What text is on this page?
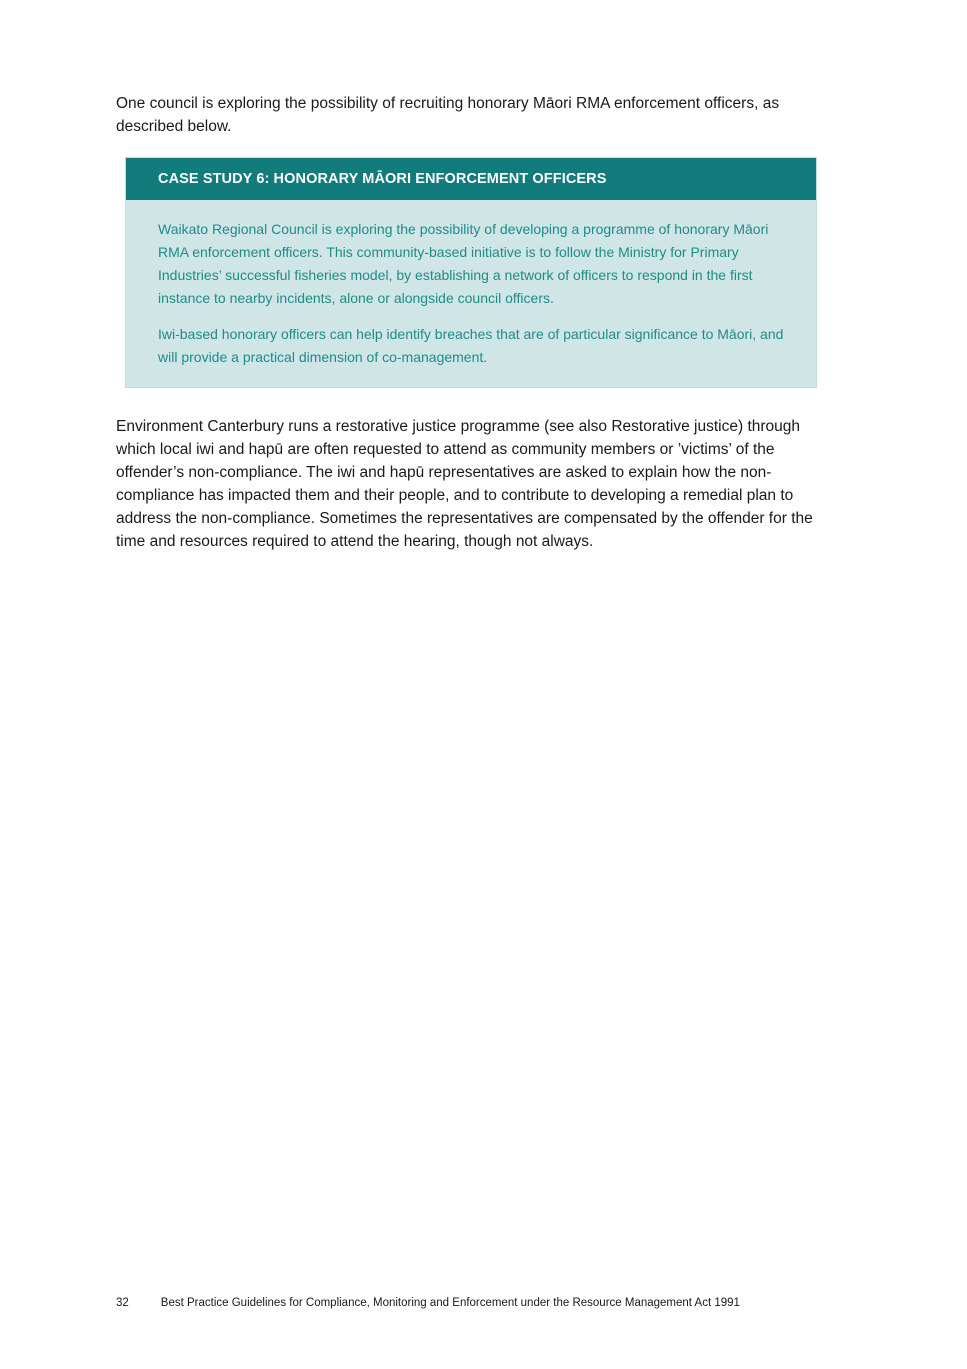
One council is exploring the possibility of recruiting honorary Māori RMA enforcement officers, as described below.

CASE STUDY 6: HONORARY MĀORI ENFORCEMENT OFFICERS

Waikato Regional Council is exploring the possibility of developing a programme of honorary Māori RMA enforcement officers. This community-based initiative is to follow the Ministry for Primary Industries’ successful fisheries model, by establishing a network of officers to respond in the first instance to nearby incidents, alone or alongside council officers.

Iwi-based honorary officers can help identify breaches that are of particular significance to Māori, and will provide a practical dimension of co-management.

Environment Canterbury runs a restorative justice programme (see also Restorative justice) through which local iwi and hapū are often requested to attend as community members or ’victims’ of the offender’s non-compliance. The iwi and hapū representatives are asked to explain how the non-compliance has impacted them and their people, and to contribute to developing a remedial plan to address the non-compliance. Sometimes the representatives are compensated by the offender for the time and resources required to attend the hearing, though not always.

32	Best Practice Guidelines for Compliance, Monitoring and Enforcement under the Resource Management Act 1991
